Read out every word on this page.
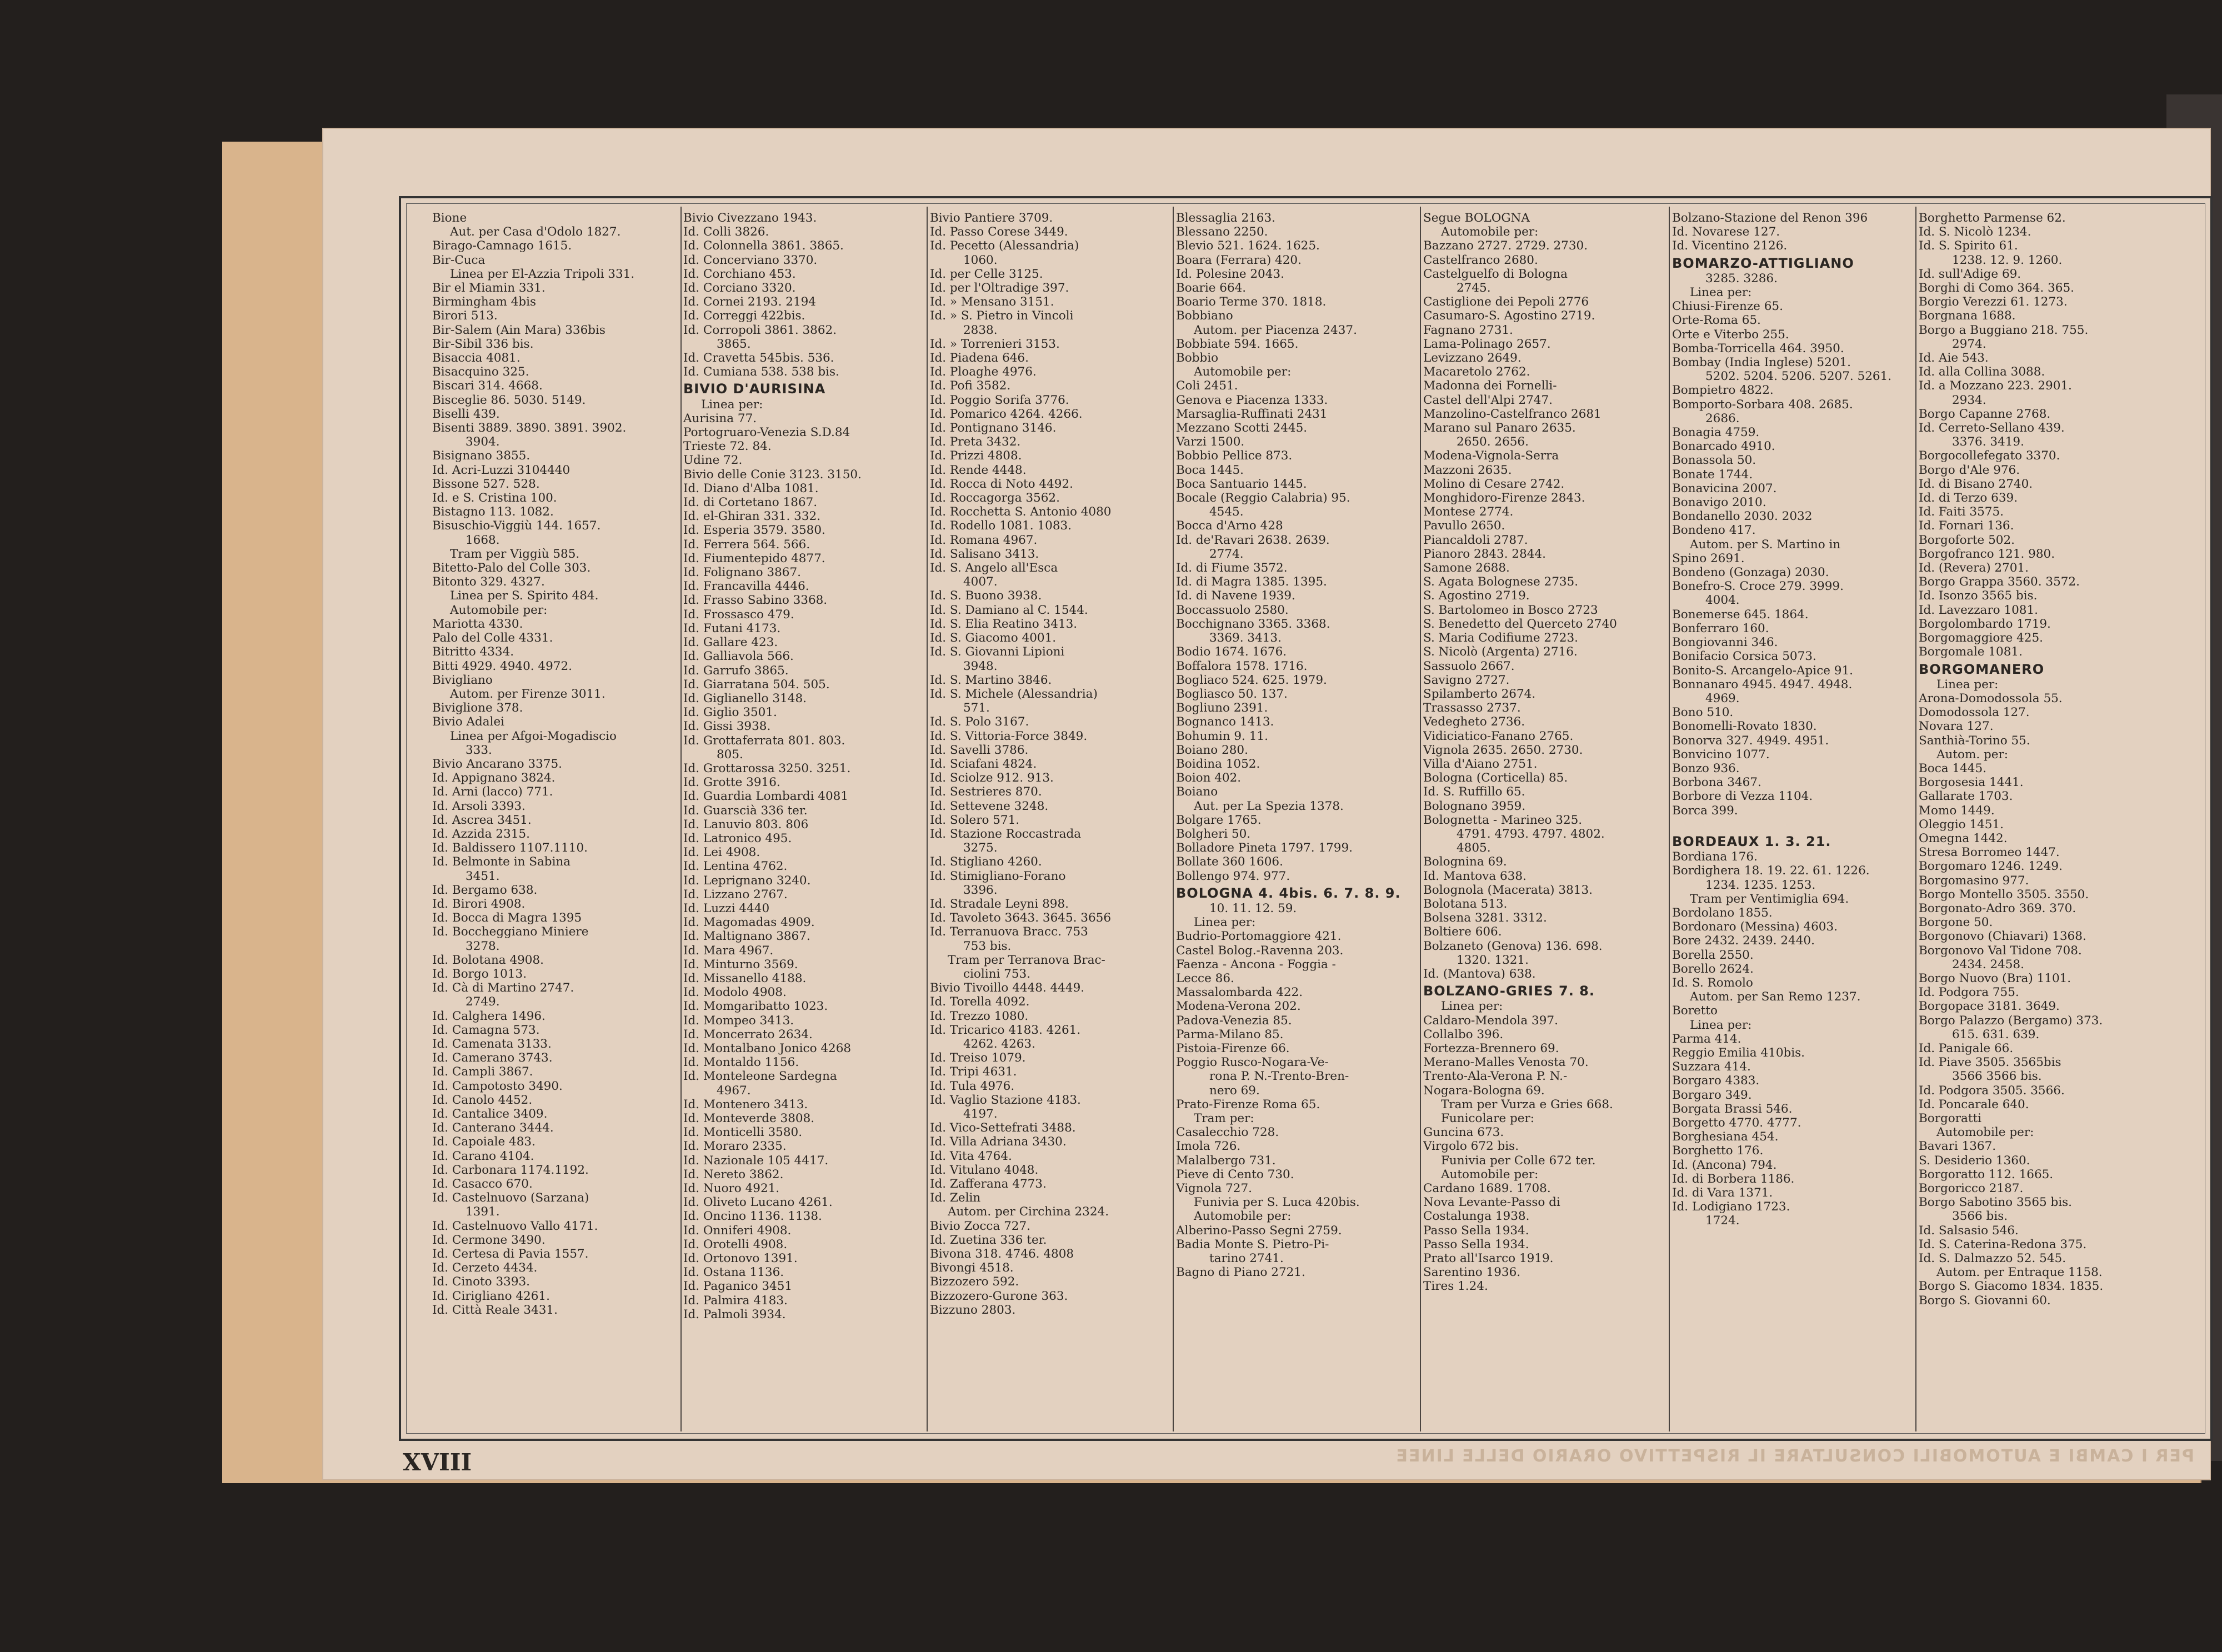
Bione
Aut. per Casa d'Odolo 1827.
Birago-Camnago 1615.
Bir-Cuca
Linea per El-Azzia Tripoli 331.
Bir el Miamin 331.
Birmingham 4bis
Birori 513.
Bir-Salem (Ain Mara) 336bis
Bir-Sibil 336 bis.
Bisaccia 4081.
Bisacquino 325.
Biscari 314. 4668.
Bisceglie 86. 5030. 5149.
Biselli 439.
Bisenti 3889. 3890. 3891. 3902.
3904.
Bisignano 3855.
Id. Acri-Luzzi 3104440
Bissone 527. 528.
Id. e S. Cristina 100.
Bistagno 113. 1082.
Bisuschio-Viggiù 144. 1657.
1668.
Tram per Viggiù 585.
Bitetto-Palo del Colle 303.
Bitonto 329. 4327.
Linea per S. Spirito 484.
Automobile per:
Mariotta 4330.
Palo del Colle 4331.
Bitritto 4334.
Bitti 4929. 4940. 4972.
Biviglianο
Autom. per Firenze 3011.
Biviglione 378.
Bivio Adalei
Linea per Afgoi-Mogadiscio
333.
Bivio Ancarano 3375.
Id. Appignano 3824.
Id. Arni (lacco) 771.
Id. Arsoli 3393.
Id. Ascrea 3451.
Id. Azzida 2315.
Id. Baldissero 1107.1110.
Id. Belmonte in Sabina
3451.
Id. Bergamo 638.
Id. Birori 4908.
Id. Bocca di Magra 1395
Id. Boccheggiano Miniere
3278.
Id. Bolotana 4908.
Id. Borgo 1013.
Id. Cà di Martino 2747.
2749.
Id. Calghera 1496.
Id. Camagna 573.
Id. Camenata 3133.
Id. Camerano 3743.
Id. Campli 3867.
Id. Campotosto 3490.
Id. Canolo 4452.
Id. Cantalice 3409.
Id. Canterano 3444.
Id. Capoiale 483.
Id. Carano 4104.
Id. Carbonara 1174.1192.
Id. Casacco 670.
Id. Castelnuovo (Sarzana)
1391.
Id. Castelnuovo Vallo 4171.
Id. Cermone 3490.
Id. Certesa di Pavia 1557.
Id. Cerzeto 4434.
Id. Cinoto 3393.
Id. Cirigliano 4261.
Id. Città Reale 3431.
Bivio Civezzano 1943.
Id. Colli 3826.
Id. Colonnella 3861. 3865.
Id. Concerviano 3370.
Id. Corchiano 453.
Id. Corciano 3320.
Id. Cornei 2193. 2194
Id. Correggi 422bis.
Id. Corropoli 3861. 3862.
3865.
Id. Cravetta 545bis. 536.
Id. Cumiana 538. 538 bis.
BIVIO D'AURISINA
Linea per:
Aurisina 77.
Portogruaro-Venezia S.D.84
Trieste 72. 84.
Udine 72.
Bivio delle Conie 3123. 3150.
Id. Diano d'Alba 1081.
Id. di Cortetano 1867.
Id. el-Ghiran 331. 332.
Id. Esperia 3579. 3580.
Id. Ferrera 564. 566.
Id. Fiumentepido 4877.
Id. Folignano 3867.
Id. Francavilla 4446.
Id. Frasso Sabino 3368.
Id. Frossasco 479.
Id. Futani 4173.
Id. Gallare 423.
Id. Galliavola 566.
Id. Garrufo 3865.
Id. Giarratana 504. 505.
Id. Giglianello 3148.
Id. Giglio 3501.
Id. Gissi 3938.
Id. Grottaferrata 801. 803.
805.
Id. Grottarossa 3250. 3251.
Id. Grotte 3916.
Id. Guardia Lombardi 4081
Id. Guarscià 336 ter.
Id. Lanuvio 803. 806
Id. Latronico 495.
Id. Lei 4908.
Id. Lentina 4762.
Id. Leprignano 3240.
Id. Lizzano 2767.
Id. Luzzi 4440
Id. Magomadas 4909.
Id. Maltignano 3867.
Id. Mara 4967.
Id. Minturno 3569.
Id. Missanello 4188.
Id. Modolo 4908.
Id. Momgaribatto 1023.
Id. Mompeo 3413.
Id. Moncerrato 2634.
Id. Montalbano Jonico 4268
Id. Montaldo 1156.
Id. Monteleone Sardegna
4967.
Id. Montenero 3413.
Id. Monteverde 3808.
Id. Monticelli 3580.
Id. Moraro 2335.
Id. Nazionale 105 4417.
Id. Nereto 3862.
Id. Nuoro 4921.
Id. Oliveto Lucano 4261.
Id. Oncino 1136. 1138.
Id. Onniferi 4908.
Id. Orotelli 4908.
Id. Ortonovo 1391.
Id. Ostana 1136.
Id. Paganico 3451
Id. Palmira 4183.
Id. Palmoli 3934.
Bivio Pantiere 3709.
Id. Passo Corese 3449.
Id. Pecetto (Alessandria)
1060.
Id. per Celle 3125.
Id. per l'Oltradige 397.
Id. » Mensano 3151.
Id. » S. Pietro in Vincoli
2838.
Id. » Torrenieri 3153.
Id. Piadena 646.
Id. Ploaghe 4976.
Id. Pofi 3582.
Id. Poggio Sorifa 3776.
Id. Pomarico 4264. 4266.
Id. Pontignano 3146.
Id. Preta 3432.
Id. Prizzi 4808.
Id. Rende 4448.
Id. Rocca di Noto 4492.
Id. Roccagorga 3562.
Id. Rocchetta S. Antonio 4080
Id. Rodello 1081. 1083.
Id. Romana 4967.
Id. Salisano 3413.
Id. S. Angelo all'Esca
4007.
Id. S. Buono 3938.
Id. S. Damiano al C. 1544.
Id. S. Elia Reatino 3413.
Id. S. Giacomo 4001.
Id. S. Giovanni Lipioni
3948.
Id. S. Martino 3846.
Id. S. Michele (Alessandria)
571.
Id. S. Polo 3167.
Id. S. Vittoria-Force 3849.
Id. Savelli 3786.
Id. Sciafani 4824.
Id. Sciolze 912. 913.
Id. Sestrieres 870.
Id. Settevene 3248.
Id. Solero 571.
Id. Stazione Roccastrada
3275.
Id. Stigliano 4260.
Id. Stimigliano-Forano
3396.
Id. Stradale Leyni 898.
Id. Tavoleto 3643. 3645. 3656
Id. Terranuova Bracc. 753
753 bis.
Tram per Terranova Brac-
ciolini 753.
Bivio Tivoillo 4448. 4449.
Id. Torella 4092.
Id. Trezzo 1080.
Id. Tricarico 4183. 4261.
4262. 4263.
Id. Treiso 1079.
Id. Tripi 4631.
Id. Tula 4976.
Id. Vaglio Stazione 4183.
4197.
Id. Vico-Settefrati 3488.
Id. Villa Adriana 3430.
Id. Vita 4764.
Id. Vitulano 4048.
Id. Zafferana 4773.
Id. Zelin
Autom. per Circhina 2324.
Bivio Zocca 727.
Id. Zuetina 336 ter.
Bivona 318. 4746. 4808
Bivongi 4518.
Bizzozero 592.
Bizzozero-Gurone 363.
Bizzuno 2803.
Blessaglia 2163.
Blessano 2250.
Blevio 521. 1624. 1625.
Boara (Ferrara) 420.
Id. Polesine 2043.
Boarie 664.
Boario Terme 370. 1818.
Bobbiano
Autom. per Piacenza 2437.
Bobbiate 594. 1665.
Bobbio
Automobile per:
Coli 2451.
Genova e Piacenza 1333.
Marsaglia-Ruffinati 2431
Mezzano Scotti 2445.
Varzi 1500.
Bobbio Pellice 873.
Boca 1445.
Boca Santuario 1445.
Bocale (Reggio Calabria) 95.
4545.
Bocca d'Arno 428
Id. de'Ravari 2638. 2639.
2774.
Id. di Fiume 3572.
Id. di Magra 1385. 1395.
Id. di Navene 1939.
Boccassuolo 2580.
Bocchignano 3365. 3368.
3369. 3413.
Bodio 1674. 1676.
Boffalora 1578. 1716.
Bogliaco 524. 625. 1979.
Bogliasco 50. 137.
Bogliuno 2391.
Bognanco 1413.
Bohumin 9. 11.
Boiano 280.
Boidina 1052.
Boion 402.
Boiano
Aut. per La Spezia 1378.
Bolgare 1765.
Bolgheri 50.
Bolladore Pineta 1797. 1799.
Bollate 360 1606.
Bollengo 974. 977.
BOLOGNA 4. 4bis. 6. 7. 8. 9.
10. 11. 12. 59.
Linea per:
Budrio-Portomaggiore 421.
Castel Bolog.-Ravenna 203.
Faenza - Ancona - Foggia -
Lecce 86.
Massalombarda 422.
Modena-Verona 202.
Padova-Venezia 85.
Parma-Milano 85.
Pistoia-Firenze 66.
Poggio Rusco-Nogara-Ve-
rona P. N.-Trento-Bren-
nero 69.
Prato-Firenze Roma 65.
Tram per:
Casalecchio 728.
Imola 726.
Malalbergo 731.
Pieve di Cento 730.
Vignola 727.
Funivia per S. Luca 420bis.
Automobile per:
Alberino-Passo Segni 2759.
Badia Monte S. Pietro-Pi-
tarino 2741.
Bagno di Piano 2721.
Segue BOLOGNA
Automobile per:
Bazzano 2727. 2729. 2730.
Castelfranco 2680.
Castelguelfo di Bologna
2745.
Castiglione dei Pepoli 2776
Casumaro-S. Agostino 2719.
Fagnano 2731.
Lama-Polinago 2657.
Levizzano 2649.
Macaretolo 2762.
Madonna dei Fornelli-
Castel dell'Alpi 2747.
Manzolino-Castelfranco 2681
Marano sul Panaro 2635.
2650. 2656.
Modena-Vignola-Serra
Mazzoni 2635.
Molino di Cesare 2742.
Monghidoro-Firenze 2843.
Montese 2774.
Pavullo 2650.
Piancaldoli 2787.
Pianoro 2843. 2844.
Samone 2688.
S. Agata Bolognese 2735.
S. Agostino 2719.
S. Bartolomeo in Bosco 2723
S. Benedetto del Querceto 2740
S. Maria Codifiume 2723.
S. Nicolò (Argenta) 2716.
Sassuolo 2667.
Savigno 2727.
Spilamberto 2674.
Trassasso 2737.
Vedegheto 2736.
Vidiciatico-Fanano 2765.
Vignola 2635. 2650. 2730.
Villa d'Aiano 2751.
Bologna (Corticella) 85.
Id. S. Ruffillo 65.
Bolognano 3959.
Bolognetta - Marineo 325.
4791. 4793. 4797. 4802.
4805.
Bolognina 69.
Id. Mantova 638.
Bolognola (Macerata) 3813.
Bolotana 513.
Bolsena 3281. 3312.
Boltiere 606.
Bolzaneto (Genova) 136. 698.
1320. 1321.
Id. (Mantova) 638.
BOLZANO-GRIES 7. 8.
Linea per:
Caldaro-Mendola 397.
Collalbo 396.
Fortezza-Brennero 69.
Merano-Malles Venosta 70.
Trento-Ala-Verona P. N.-
Nogara-Bologna 69.
Tram per Vurza e Gries 668.
Funicolare per:
Guncina 673.
Virgolo 672 bis.
Funivia per Colle 672 ter.
Automobile per:
Cardano 1689. 1708.
Nova Levante-Passo di
Costalunga 1938.
Passo Sella 1934.
Passo Sella 1934.
Prato all'Isarco 1919.
Sarentino 1936.
Tires 1.24.
Bolzano-Stazione del Renon 396
Id. Novarese 127.
Id. Vicentino 2126.
BOMARZO-ATTIGLIANO
3285. 3286.
Linea per:
Chiusi-Firenze 65.
Orte-Roma 65.
Orte e Viterbo 255.
Bomba-Torricella 464. 3950.
Bombay (India Inglese) 5201.
5202. 5204. 5206. 5207. 5261.
Bompietro 4822.
Bomporto-Sorbara 408. 2685.
2686.
Bonagia 4759.
Bonarcado 4910.
Bonassola 50.
Bonate 1744.
Bonavicina 2007.
Bonavigo 2010.
Bondanello 2030. 2032
Bondeno 417.
Autom. per S. Martino in
Spino 2691.
Bondeno (Gonzaga) 2030.
Bonefro-S. Croce 279. 3999.
4004.
Bonemerse 645. 1864.
Bonferraro 160.
Bongiovanni 346.
Bonifacio Corsica 5073.
Bonito-S. Arcangelo-Apice 91.
Bonnanaro 4945. 4947. 4948.
4969.
Bono 510.
Bonomelli-Rovato 1830.
Bonorva 327. 4949. 4951.
Bonvicino 1077.
Bonzo 936.
Borbona 3467.
Borbore di Vezza 1104.
Borca 399.

BORDEAUX 1. 3. 21.
Bordiana 176.
Bordighera 18. 19. 22. 61. 1226.
1234. 1235. 1253.
Tram per Ventimiglia 694.
Bordolano 1855.
Bordonaro (Messina) 4603.
Bore 2432. 2439. 2440.
Borella 2550.
Borello 2624.
Id. S. Romolo
Autom. per San Remo 1237.
Boretto
Linea per:
Parma 414.
Reggio Emilia 410bis.
Suzzara 414.
Borgaro 4383.
Borgaro 349.
Borgata Brassi 546.
Borgetto 4770. 4777.
Borghesiana 454.
Borghetto 176.
Id. (Ancona) 794.
Id. di Borbera 1186.
Id. di Vara 1371.
Id. Lodigiano 1723.
1724.
Borghetto Parmense 62.
Id. S. Nicolò 1234.
Id. S. Spirito 61.
1238. 12. 9. 1260.
Id. sull'Adige 69.
Borghi di Como 364. 365.
Borgio Verezzi 61. 1273.
Borgnana 1688.
Borgo a Buggiano 218. 755.
2974.
Id. Aie 543.
Id. alla Collina 3088.
Id. a Mozzano 223. 2901.
2934.
Borgo Capanne 2768.
Id. Cerreto-Sellano 439.
3376. 3419.
Borgocollefegato 3370.
Borgo d'Ale 976.
Id. di Bisano 2740.
Id. di Terzo 639.
Id. Faiti 3575.
Id. Fornari 136.
Borgoforte 502.
Borgofranco 121. 980.
Id. (Revera) 2701.
Borgo Grappa 3560. 3572.
Id. Isonzo 3565 bis.
Id. Lavezzaro 1081.
Borgolombardo 1719.
Borgomaggiore 425.
Borgomale 1081.
BORGOMANERO
Linea per:
Arona-Domodossola 55.
Domodossola 127.
Novara 127.
Santhià-Torino 55.
Autom. per:
Boca 1445.
Borgosesia 1441.
Gallarate 1703.
Momo 1449.
Oleggio 1451.
Omegna 1442.
Stresa Borromeo 1447.
Borgomaro 1246. 1249.
Borgomasino 977.
Borgo Montello 3505. 3550.
Borgonato-Adro 369. 370.
Borgone 50.
Borgonovo (Chiavari) 1368.
Borgonovo Val Tidone 708.
2434. 2458.
Borgo Nuovo (Bra) 1101.
Id. Podgora 755.
Borgopace 3181. 3649.
Borgo Palazzo (Bergamo) 373.
615. 631. 639.
Id. Panigale 66.
Id. Piave 3505. 3565bis
3566 3566 bis.
Id. Podgora 3505. 3566.
Id. Poncarale 640.
Borgoratti
Automobile per:
Bavari 1367.
S. Desiderio 1360.
Borgoratto 112. 1665.
Borgoricco 2187.
Borgo Sabotino 3565 bis.
3566 bis.
Id. Salsasio 546.
Id. S. Caterina-Redona 375.
Id. S. Dalmazzo 52. 545.
Autom. per Entraque 1158.
Borgo S. Giacomo 1834. 1835.
Borgo S. Giovanni 60.
XVIII	PER I CAMBI E AUTOMOBILI CONSULTARE IL RISPETTIVO ORARIO DELLE LINEE
